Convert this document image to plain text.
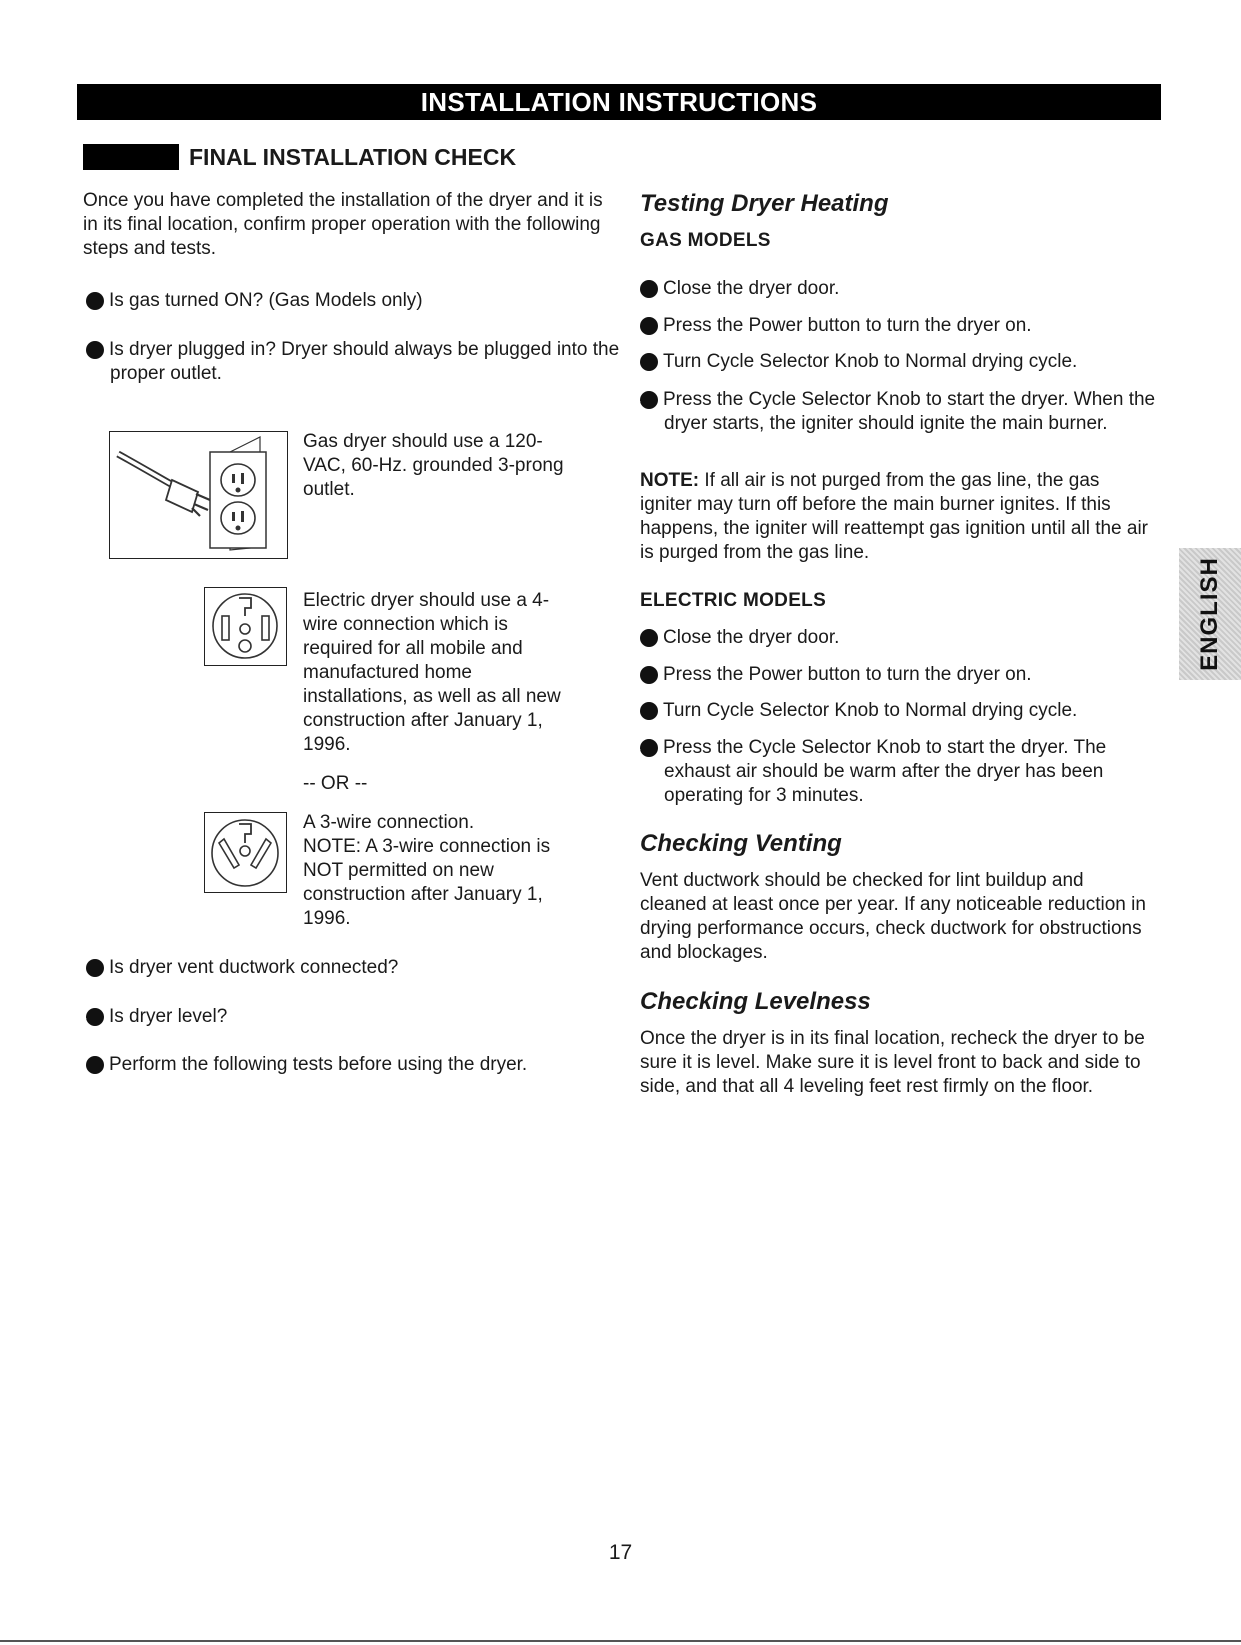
INSTALLATION INSTRUCTIONS
FINAL INSTALLATION CHECK
Once you have completed the installation of the dryer and it is in its final location, confirm proper operation with the following steps and tests.
1 Is gas turned ON? (Gas Models only)
2 Is dryer plugged in? Dryer should always be plugged into the proper outlet.
Gas dryer should use a 120-VAC, 60-Hz. grounded 3-prong outlet.
Electric dryer should use a 4-wire connection which is required for all mobile and manufactured home installations, as well as all new construction after January 1, 1996.
-- OR --
A 3-wire connection.
NOTE: A 3-wire connection is NOT permitted on new construction after January 1, 1996.
3 Is dryer vent ductwork connected?
4 Is dryer level?
5 Perform the following tests before using the dryer.
Testing Dryer Heating
GAS MODELS
1 Close the dryer door.
2 Press the Power button to turn the dryer on.
3 Turn Cycle Selector Knob to Normal drying cycle.
4 Press the Cycle Selector Knob to start the dryer. When the dryer starts, the igniter should ignite the main burner.
NOTE: If all air is not purged from the gas line, the gas igniter may turn off before the main burner ignites. If this happens, the igniter will reattempt gas ignition until all the air is purged from the gas line.
ELECTRIC MODELS
1 Close the dryer door.
2 Press the Power button to turn the dryer on.
3 Turn Cycle Selector Knob to Normal drying cycle.
4 Press the Cycle Selector Knob to start the dryer. The exhaust air should be warm after the dryer has been operating for 3 minutes.
Checking Venting
Vent ductwork should be checked for lint buildup and cleaned at least once per year. If any noticeable reduction in drying performance occurs, check ductwork for obstructions and blockages.
Checking Levelness
Once the dryer is in its final location, recheck the dryer to be sure it is level. Make sure it is level front to back and side to side, and that all 4 leveling feet rest firmly on the floor.
ENGLISH
17
